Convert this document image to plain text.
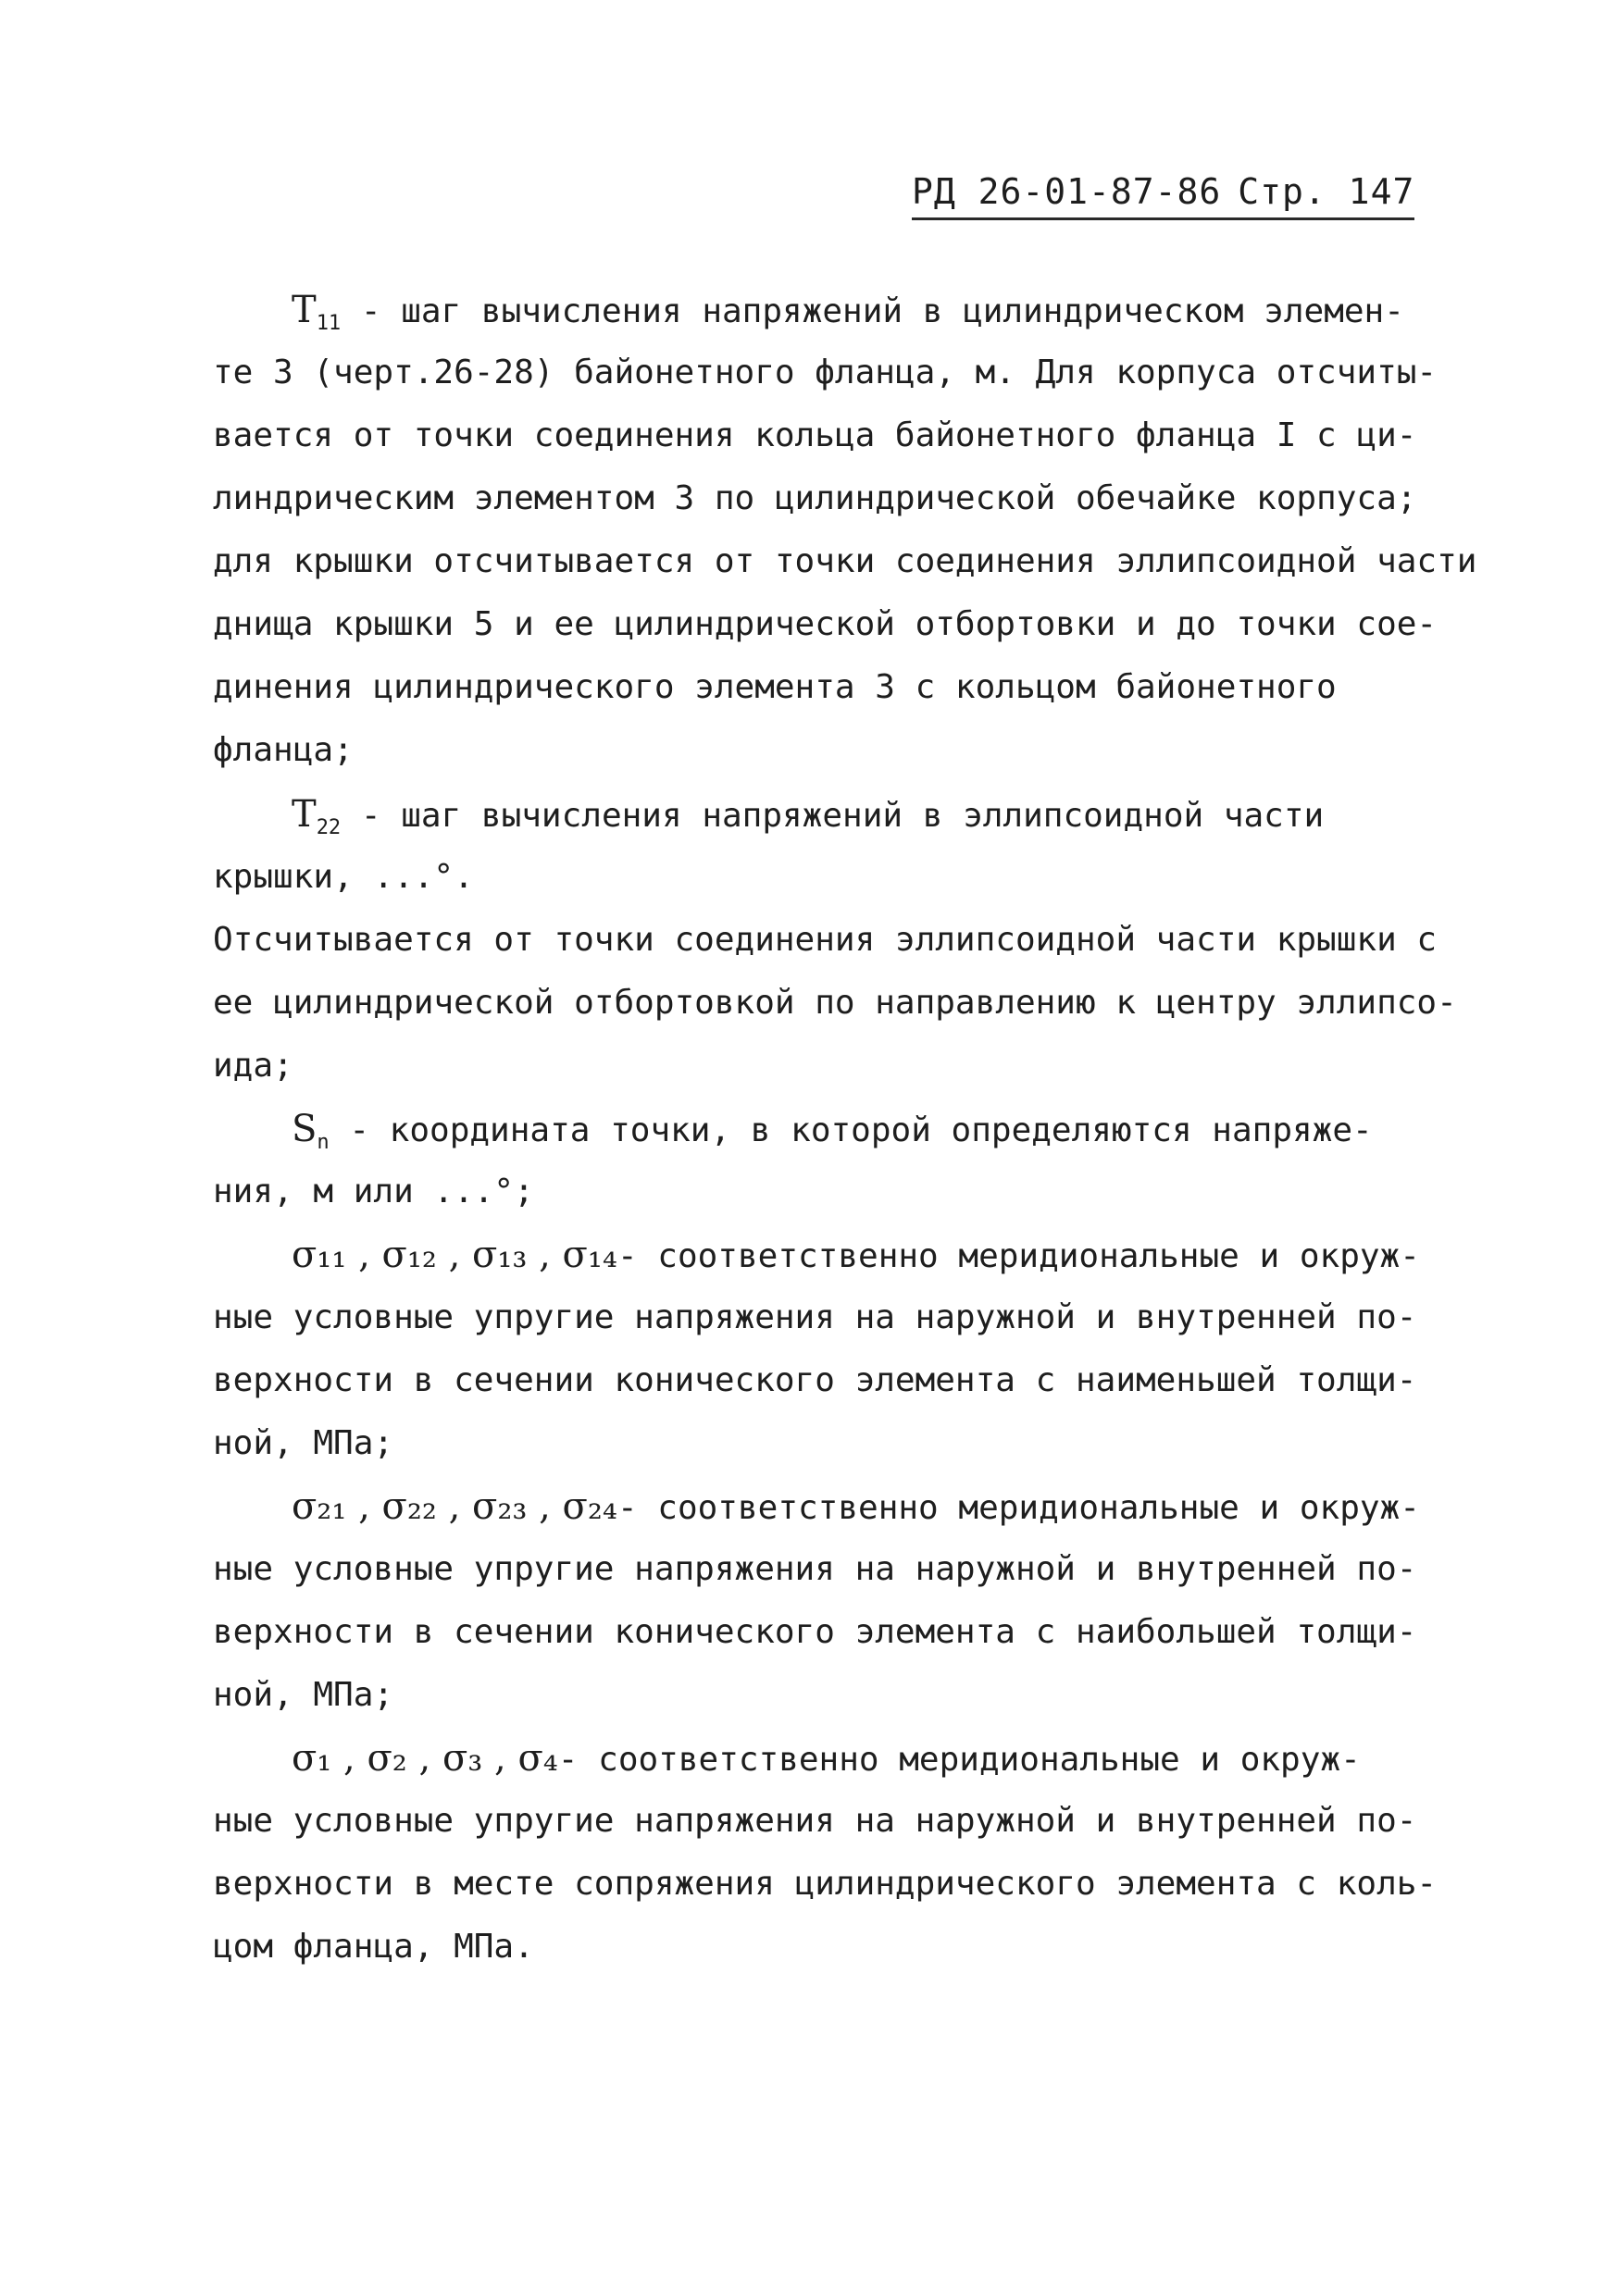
РД 26-01-87-86 Стр. 147
$T_{11}$ - шаг вычисления напряжений в цилиндрическом элемен-
те 3 (черт.26-28) байонетного фланца, м. Для корпуса отсчиты-
вается от точки соединения кольца байонетного фланца I с ци-
линдрическим элементом 3 по цилиндрической обечайке корпуса;
для крышки отсчитывается от точки соединения эллипсоидной части
днища крышки 5 и ее цилиндрической отбортовки и до точки сое-
динения цилиндрического элемента 3 с кольцом байонетного
фланца;
$T_{22}$ - шаг вычисления напряжений в эллипсоидной части
крышки, ...°.
Отсчитывается от точки соединения эллипсоидной части крышки с
ее цилиндрической отбортовкой по направлению к центру эллипсо-
ида;
$S_n$ - координата точки, в которой определяются напряже-
ния, м или ...°;
σ₁₁ , σ₁₂ , σ₁₃ , σ₁₄- соответственно меридиональные и окруж-
ные условные упругие напряжения на наружной и внутренней по-
верхности в сечении конического элемента с наименьшей толщи-
ной, МПа;
σ₂₁ , σ₂₂ , σ₂₃ , σ₂₄- соответственно меридиональные и окруж-
ные условные упругие напряжения на наружной и внутренней по-
верхности в сечении конического элемента с наибольшей толщи-
ной, МПа;
σ₁ , σ₂ , σ₃ , σ₄- соответственно меридиональные и окруж-
ные условные упругие напряжения на наружной и внутренней по-
верхности в месте сопряжения цилиндрического элемента с коль-
цом фланца, МПа.
